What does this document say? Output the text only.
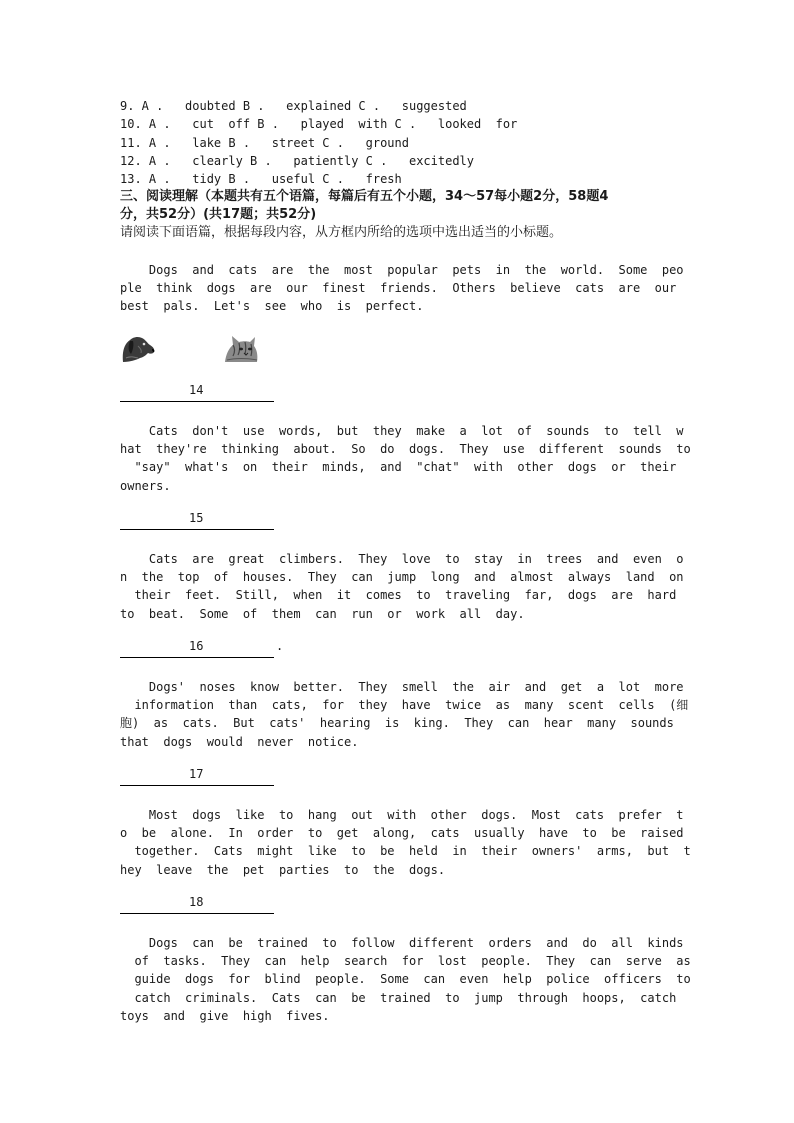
9. A .   doubted B .   explained C .   suggested
10. A .   cut  off B .   played  with C .   looked  for
11. A .   lake B .   street C .   ground
12. A .   clearly B .   patiently C .   excitedly
13. A .   tidy B .   useful C .   fresh
三、阅读理解（本题共有五个语篇，每篇后有五个小题，34～57每小题2分，58题4
分，共52分）(共17题；共52分)
请阅读下面语篇，根据每段内容，从方框内所给的选项中选出适当的小标题。
Dogs  and  cats  are  the  most  popular  pets  in  the  world.  Some  peo
ple  think  dogs  are  our  finest  friends.  Others  believe  cats  are  our
best  pals.  Let's  see  who  is  perfect.
14
Cats  don't  use  words,  but  they  make  a  lot  of  sounds  to  tell  w
hat  they're  thinking  about.  So  do  dogs.  They  use  different  sounds  to
"say"  what's  on  their  minds,  and  "chat"  with  other  dogs  or  their
owners.
15
Cats  are  great  climbers.  They  love  to  stay  in  trees  and  even  o
n  the  top  of  houses.  They  can  jump  long  and  almost  always  land  on
their  feet.  Still,  when  it  comes  to  traveling  far,  dogs  are  hard
to  beat.  Some  of  them  can  run  or  work  all  day.
16	.
Dogs'  noses  know  better.  They  smell  the  air  and  get  a  lot  more
information  than  cats,  for  they  have  twice  as  many  scent  cells  (细
胞)  as  cats.  But  cats'  hearing  is  king.  They  can  hear  many  sounds
that  dogs  would  never  notice.
17
Most  dogs  like  to  hang  out  with  other  dogs.  Most  cats  prefer  t
o  be  alone.  In  order  to  get  along,  cats  usually  have  to  be  raised
together.  Cats  might  like  to  be  held  in  their  owners'  arms,  but  t
hey  leave  the  pet  parties  to  the  dogs.
18
Dogs  can  be  trained  to  follow  different  orders  and  do  all  kinds
of  tasks.  They  can  help  search  for  lost  people.  They  can  serve  as
guide  dogs  for  blind  people.  Some  can  even  help  police  officers  to
catch  criminals.  Cats  can  be  trained  to  jump  through  hoops,  catch
toys  and  give  high  fives.
